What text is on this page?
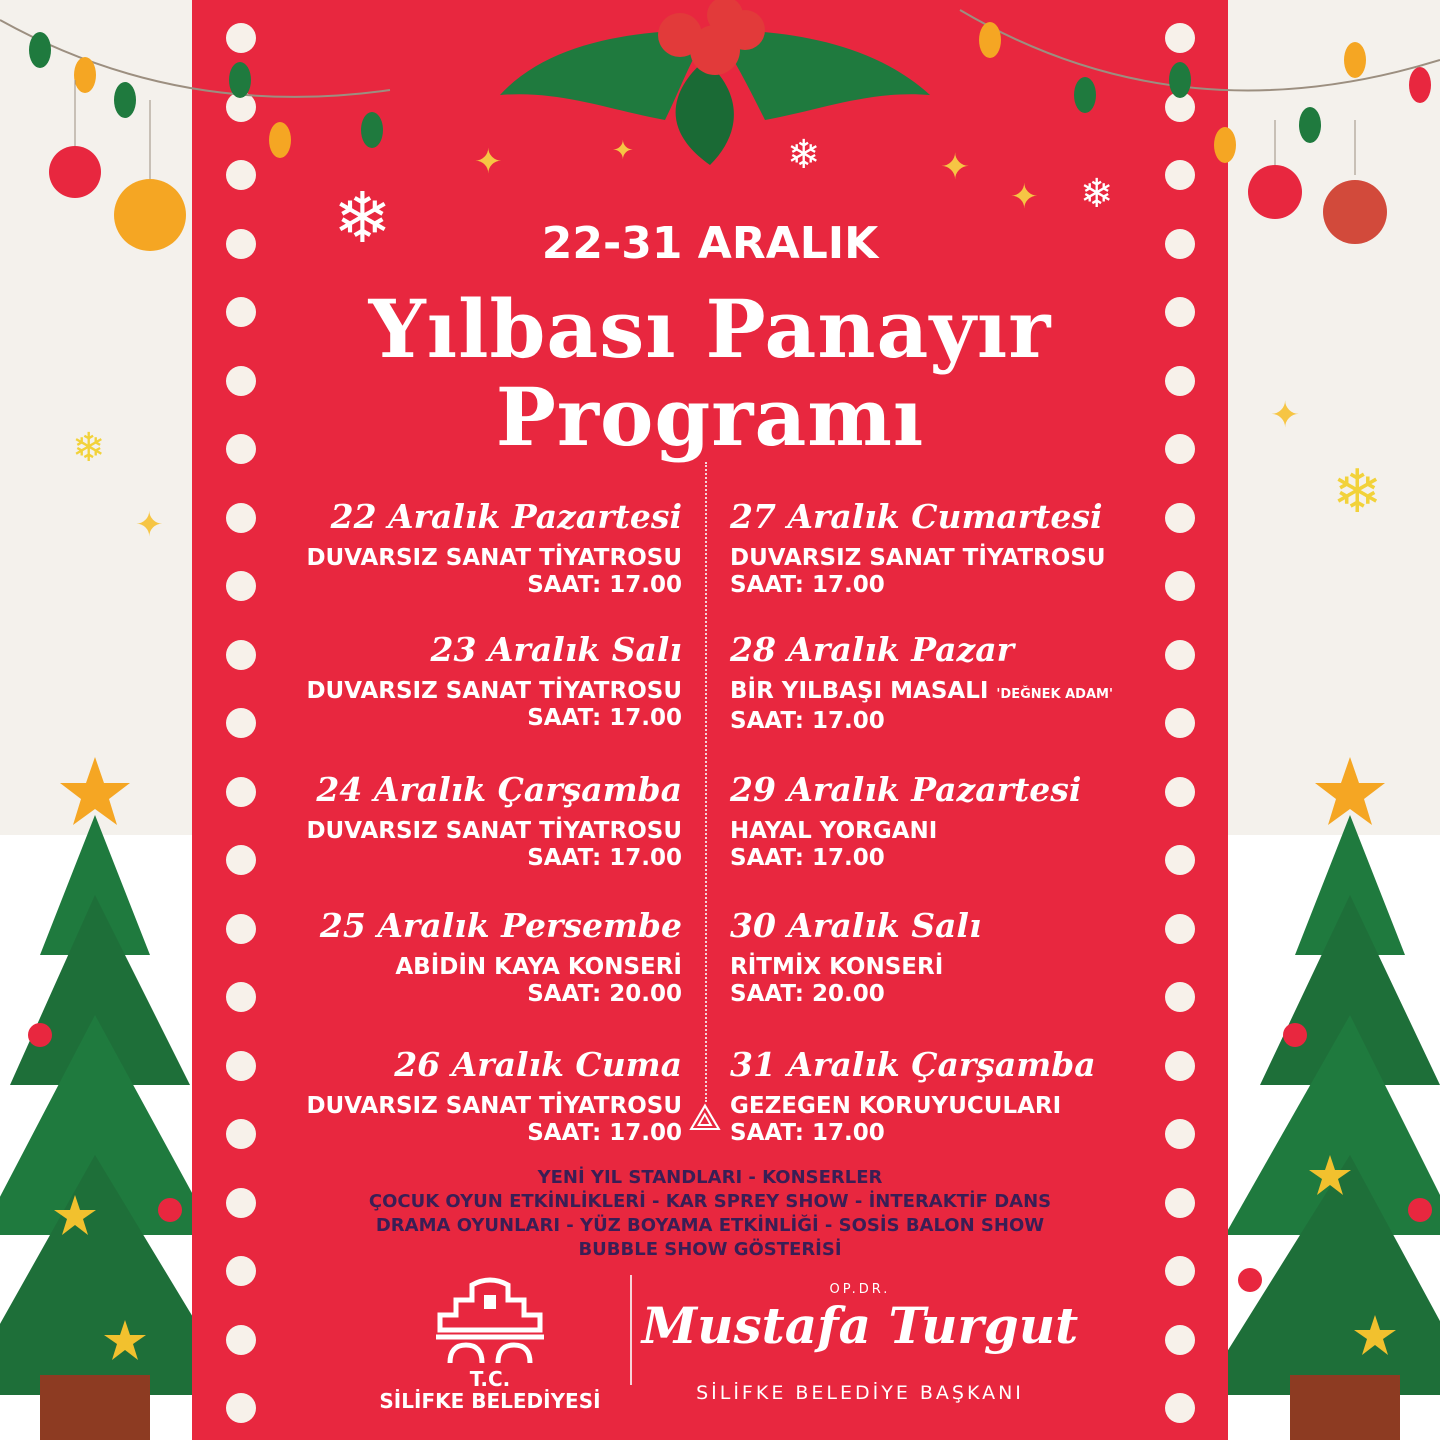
❄
❄
❄
❄
❄
✦	✦	✦
✦
✦
✦
22-31 ARALIK
Yılbası Panayır
Programı
⟁
22 Aralık Pazartesi
DUVARSIZ SANAT TİYATROSU
SAAT: 17.00
23 Aralık Salı
DUVARSIZ SANAT TİYATROSU
SAAT: 17.00
24 Aralık Çarşamba
DUVARSIZ SANAT TİYATROSU
SAAT: 17.00
25 Aralık Persembe
ABİDİN KAYA KONSERİ
SAAT: 20.00
26 Aralık Cuma
DUVARSIZ SANAT TİYATROSU
SAAT: 17.00
27 Aralık Cumartesi
DUVARSIZ SANAT TİYATROSU
SAAT: 17.00
28 Aralık Pazar
BİR YILBAŞI MASALI 'DEĞNEK ADAM'
SAAT: 17.00
29 Aralık Pazartesi
HAYAL YORGANI
SAAT: 17.00
30 Aralık Salı
RİTMİX KONSERİ
SAAT: 20.00
31 Aralık Çarşamba
GEZEGEN KORUYUCULARI
SAAT: 17.00
YENİ YIL STANDLARI - KONSERLER
ÇOCUK OYUN ETKİNLİKLERİ - KAR SPREY SHOW - İNTERAKTİF DANS
DRAMA OYUNLARI - YÜZ BOYAMA ETKİNLİĞİ - SOSİS BALON SHOW
BUBBLE SHOW GÖSTERİSİ
T.C.
SİLİFKE BELEDİYESİ
OP.DR.
Mustafa Turgut
SİLİFKE BELEDİYE BAŞKANI
